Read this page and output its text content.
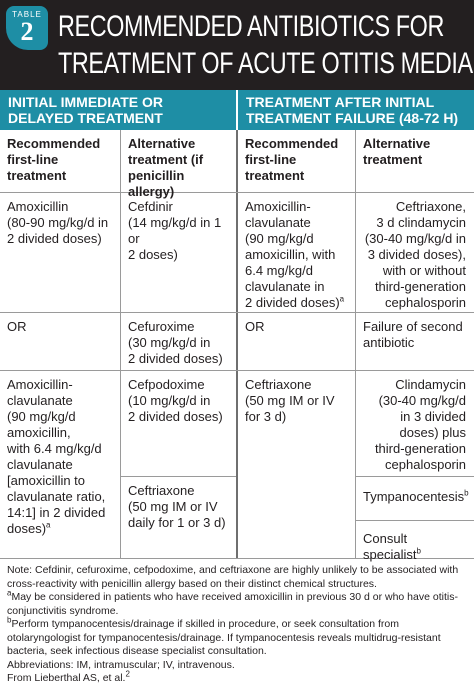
TABLE
2 RECOMMENDED ANTIBIOTICS FOR
TREATMENT OF ACUTE OTITIS MEDIA
INITIAL IMMEDIATE OR
DELAYED TREATMENT
TREATMENT AFTER INITIAL
TREATMENT FAILURE (48-72 H)
Recommended
first-line
treatment
Alternative
treatment (if
penicillin allergy)
Recommended
first-line
treatment
Alternative
treatment
Amoxicillin
(80-90 mg/kg/d in
2 divided doses)
Cefdinir
(14 mg/kg/d in 1 or
2 doses)
Amoxicillin-
clavulanate
(90 mg/kg/d
amoxicillin, with
6.4 mg/kg/d
clavulanate in
2 divided doses)$^a$
Ceftriaxone,
3 d clindamycin
(30-40 mg/kg/d in
3 divided doses),
with or without
third-generation
cephalosporin
OR	Cefuroxime
(30 mg/kg/d in
2 divided doses)
OR	Failure of second
antibiotic
Amoxicillin-
clavulanate
(90 mg/kg/d
amoxicillin,
with 6.4 mg/kg/d
clavulanate
[amoxicillin to
clavulanate ratio,
14:1] in 2 divided
doses)$^a$
Cefpodoxime
(10 mg/kg/d in
2 divided doses)
Ceftriaxone
(50 mg IM or IV
daily for 1 or 3 d)
Ceftriaxone
(50 mg IM or IV
for 3 d)
Clindamycin
(30-40 mg/kg/d
in 3 divided
doses) plus
third-generation
cephalosporin
Tympanocentesis$^b$
Consult specialist$^b$

Note: Cefdinir, cefuroxime, cefpodoxime, and ceftriaxone are highly unlikely to be associated with cross-reactivity with penicillin allergy based on their distinct chemical structures.

$^a$May be considered in patients who have received amoxicillin in previous 30 d or who have otitis-conjunctivitis syndrome.

$^b$Perform tympanocentesis/drainage if skilled in procedure, or seek consultation from otolaryngologist for tympanocentesis/drainage. If tympanocentesis reveals multidrug-resistant bacteria, seek infectious disease specialist consultation.

Abbreviations: IM, intramuscular; IV, intravenous.

From Lieberthal AS, et al.$^2$
